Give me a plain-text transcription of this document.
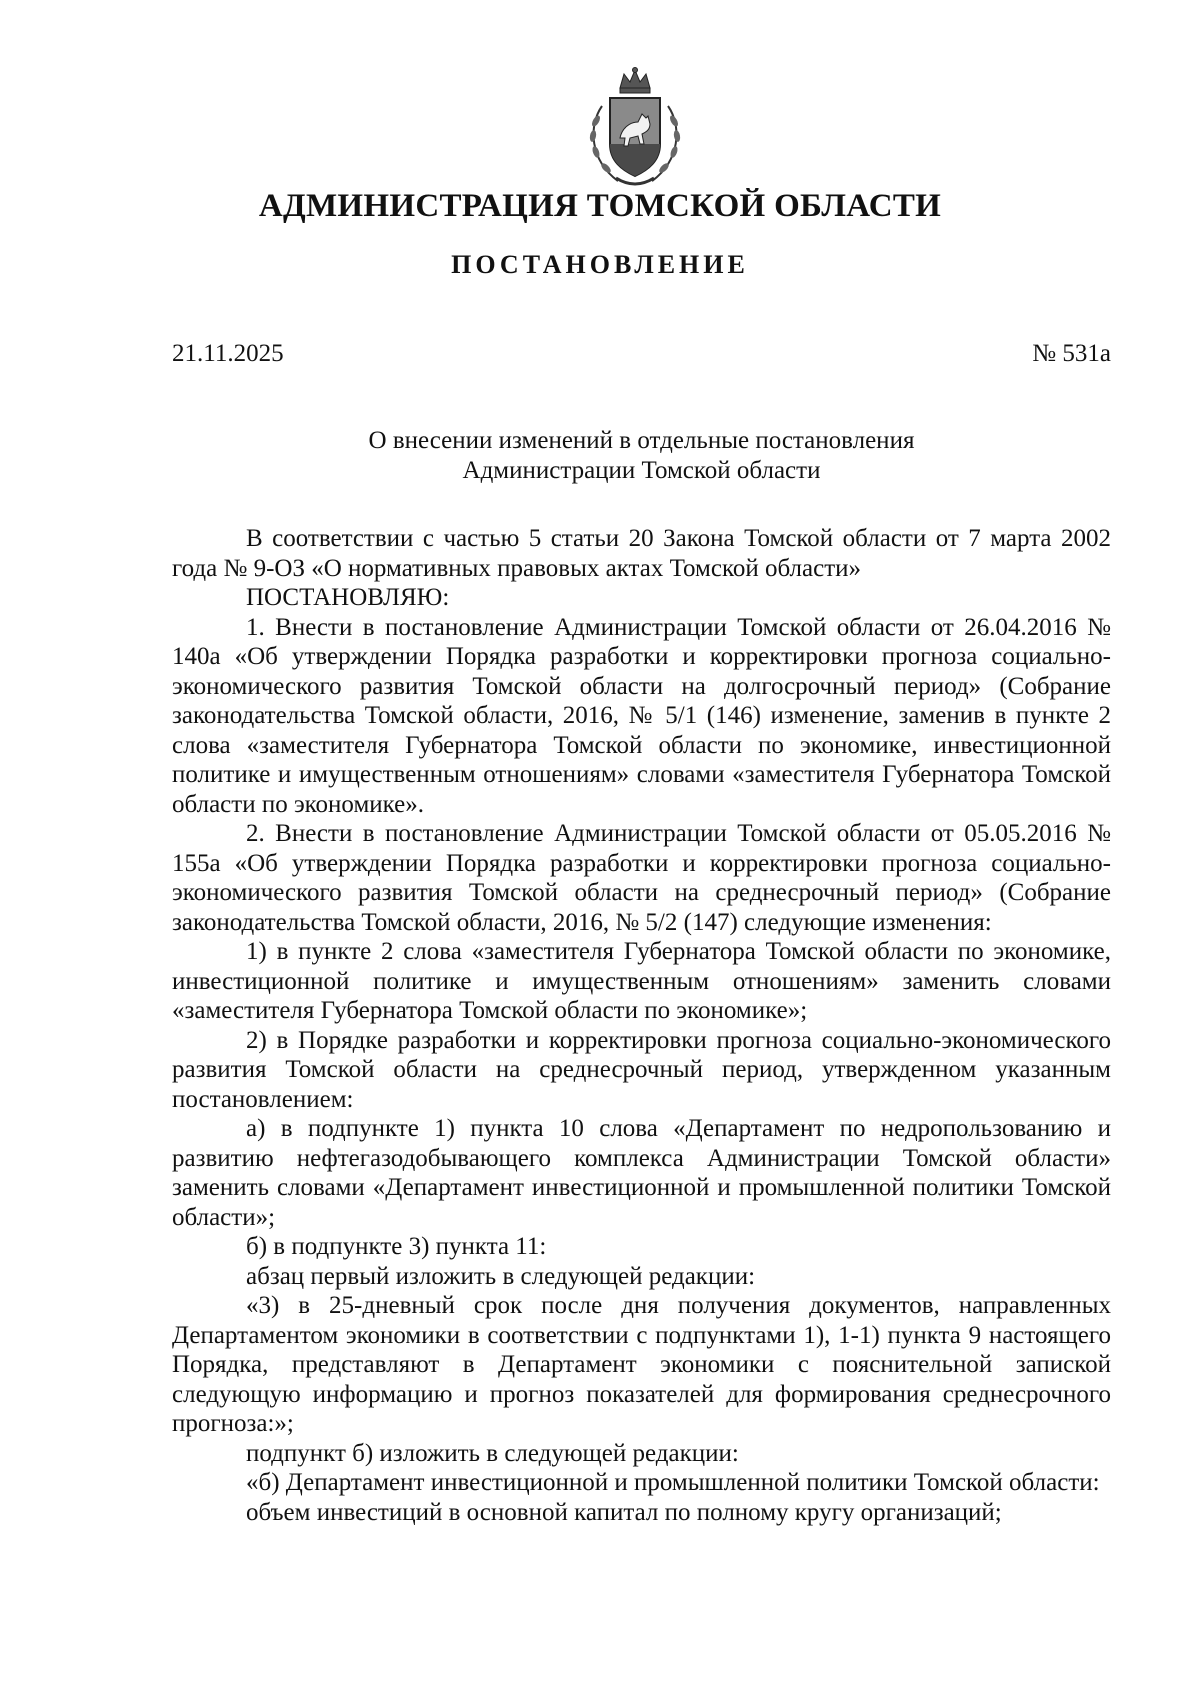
АДМИНИСТРАЦИЯ ТОМСКОЙ ОБЛАСТИ
ПОСТАНОВЛЕНИЕ
21.11.2025	№ 531а
О внесении изменений в отдельные постановления
Администрации Томской области

В соответствии с частью 5 статьи 20 Закона Томской области от 7 марта 2002 года № 9-ОЗ «О нормативных правовых актах Томской области»

ПОСТАНОВЛЯЮ:

1. Внести в постановление Администрации Томской области от 26.04.2016 № 140а «Об утверждении Порядка разработки и корректировки прогноза социально-экономического развития Томской области на долгосрочный период» (Собрание законодательства Томской области, 2016, № 5/1 (146) изменение, заменив в пункте 2 слова «заместителя Губернатора Томской области по экономике, инвестиционной политике и имущественным отношениям» словами «заместителя Губернатора Томской области по экономике».

2. Внести в постановление Администрации Томской области от 05.05.2016 № 155а «Об утверждении Порядка разработки и корректировки прогноза социально-экономического развития Томской области на среднесрочный период» (Собрание законодательства Томской области, 2016, № 5/2 (147) следующие изменения:

1) в пункте 2 слова «заместителя Губернатора Томской области по экономике, инвестиционной политике и имущественным отношениям» заменить словами «заместителя Губернатора Томской области по экономике»;

2) в Порядке разработки и корректировки прогноза социально-экономического развития Томской области на среднесрочный период, утвержденном указанным постановлением:

а) в подпункте 1) пункта 10 слова «Департамент по недропользованию и развитию нефтегазодобывающего комплекса Администрации Томской области» заменить словами «Департамент инвестиционной и промышленной политики Томской области»;

б) в подпункте 3) пункта 11:

абзац первый изложить в следующей редакции:

«3) в 25-дневный срок после дня получения документов, направленных Департаментом экономики в соответствии с подпунктами 1), 1-1) пункта 9 настоящего Порядка, представляют в Департамент экономики с пояснительной запиской следующую информацию и прогноз показателей для формирования среднесрочного прогноза:»;

подпункт б) изложить в следующей редакции:

«б) Департамент инвестиционной и промышленной политики Томской области:

объем инвестиций в основной капитал по полному кругу организаций;
